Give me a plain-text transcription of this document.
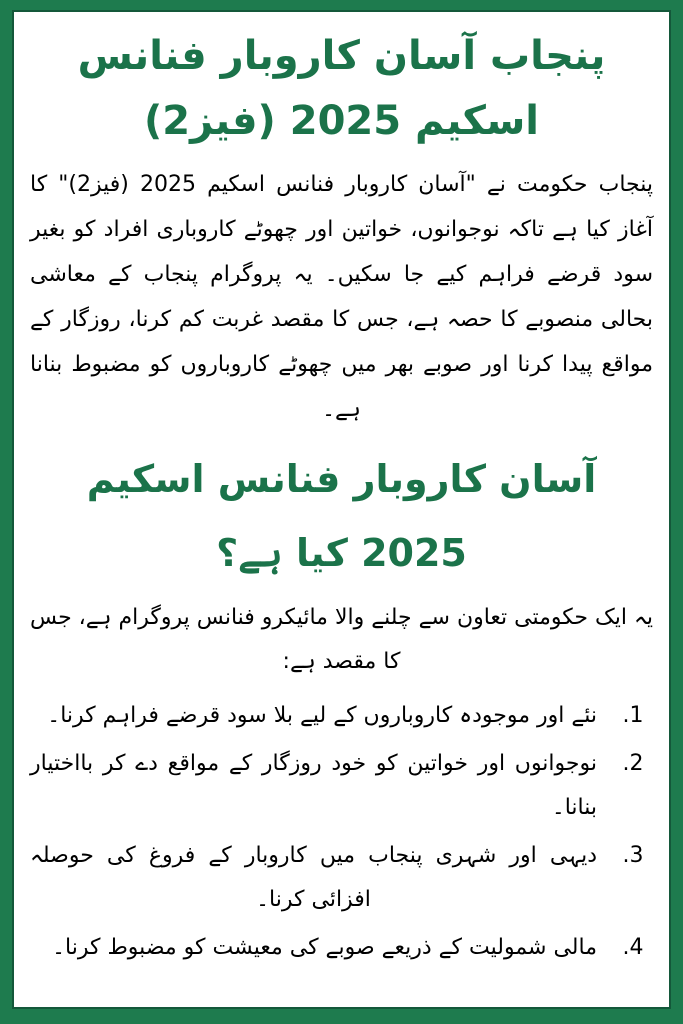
پنجاب آسان کاروبار فنانس
اسکیم 2025 (فیز2)

پنجاب حکومت نے "آسان کاروبار فنانس اسکیم 2025 (فیز2)" کا آغاز کیا ہے تاکہ نوجوانوں، خواتین اور چھوٹے کاروباری افراد کو بغیر سود قرضے فراہم کیے جا سکیں۔ یہ پروگرام پنجاب کے معاشی بحالی منصوبے کا حصہ ہے، جس کا مقصد غربت کم کرنا، روزگار کے مواقع پیدا کرنا اور صوبے بھر میں چھوٹے کاروباروں کو مضبوط بنانا ہے۔

آسان کاروبار فنانس اسکیم
2025 کیا ہے؟

یہ ایک حکومتی تعاون سے چلنے والا مائیکرو فنانس پروگرام ہے، جس کا مقصد ہے:

1.
نئے اور موجودہ کاروباروں کے لیے بلا سود قرضے فراہم کرنا۔
2.
نوجوانوں اور خواتین کو خود روزگار کے مواقع دے کر بااختیار بنانا۔
3.
دیہی اور شہری پنجاب میں کاروبار کے فروغ کی حوصلہ افزائی کرنا۔
4.
مالی شمولیت کے ذریعے صوبے کی معیشت کو مضبوط کرنا۔
